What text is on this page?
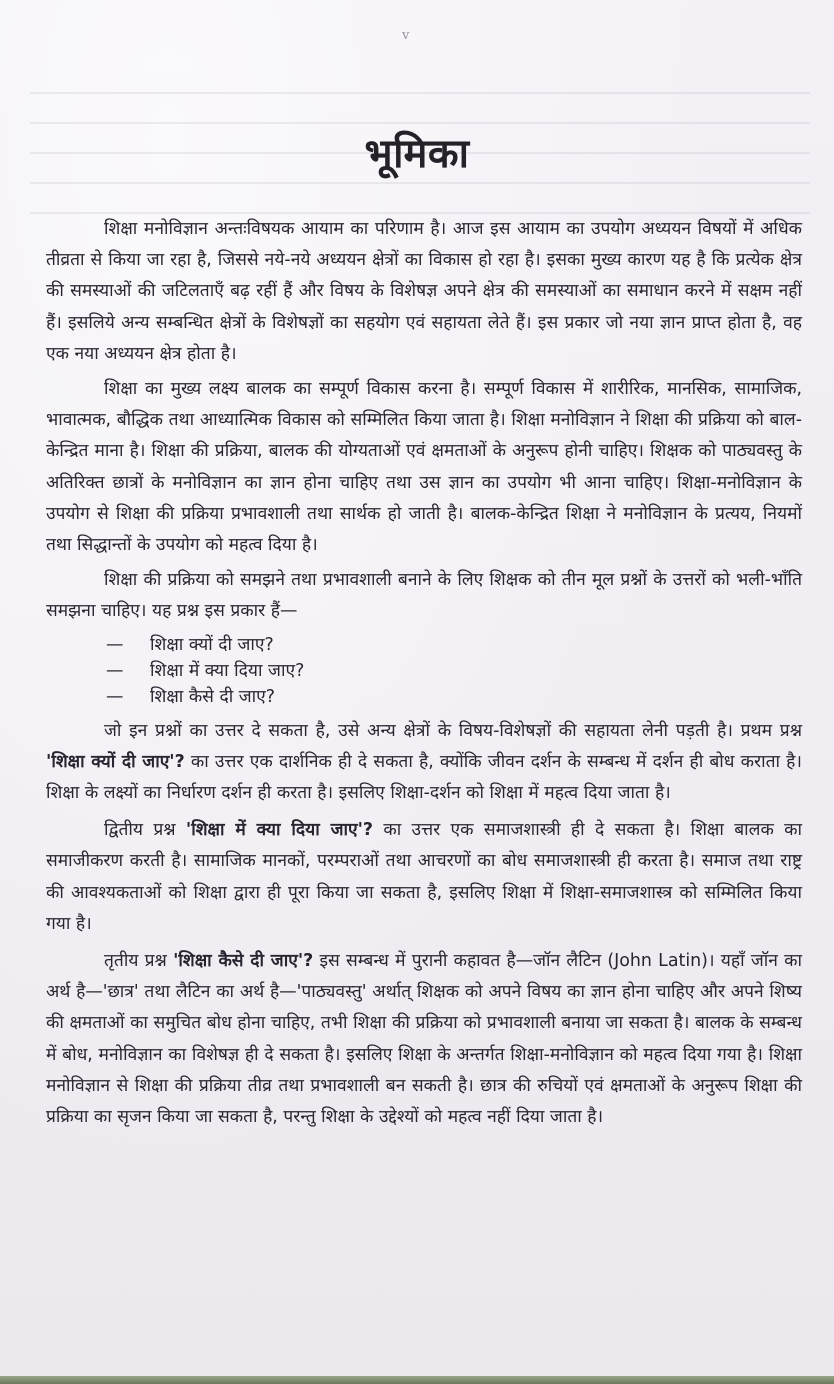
v
भूमिका

शिक्षा मनोविज्ञान अन्तःविषयक आयाम का परिणाम है। आज इस आयाम का उपयोग अध्ययन विषयों में अधिक तीव्रता से किया जा रहा है, जिससे नये-नये अध्ययन क्षेत्रों का विकास हो रहा है। इसका मुख्य कारण यह है कि प्रत्येक क्षेत्र की समस्याओं की जटिलताएँ बढ़ रहीं हैं और विषय के विशेषज्ञ अपने क्षेत्र की समस्याओं का समाधान करने में सक्षम नहीं हैं। इसलिये अन्य सम्बन्धित क्षेत्रों के विशेषज्ञों का सहयोग एवं सहायता लेते हैं। इस प्रकार जो नया ज्ञान प्राप्त होता है, वह एक नया अध्ययन क्षेत्र होता है।

शिक्षा का मुख्य लक्ष्य बालक का सम्पूर्ण विकास करना है। सम्पूर्ण विकास में शारीरिक, मानसिक, सामाजिक, भावात्मक, बौद्धिक तथा आध्यात्मिक विकास को सम्मिलित किया जाता है। शिक्षा मनोविज्ञान ने शिक्षा की प्रक्रिया को बाल-केन्द्रित माना है। शिक्षा की प्रक्रिया, बालक की योग्यताओं एवं क्षमताओं के अनुरूप होनी चाहिए। शिक्षक को पाठ्यवस्तु के अतिरिक्त छात्रों के मनोविज्ञान का ज्ञान होना चाहिए तथा उस ज्ञान का उपयोग भी आना चाहिए। शिक्षा-मनोविज्ञान के उपयोग से शिक्षा की प्रक्रिया प्रभावशाली तथा सार्थक हो जाती है। बालक-केन्द्रित शिक्षा ने मनोविज्ञान के प्रत्यय, नियमों तथा सिद्धान्तों के उपयोग को महत्व दिया है।

शिक्षा की प्रक्रिया को समझने तथा प्रभावशाली बनाने के लिए शिक्षक को तीन मूल प्रश्नों के उत्तरों को भली-भाँति समझना चाहिए। यह प्रश्न इस प्रकार हैं—

— शिक्षा क्यों दी जाए?
— शिक्षा में क्या दिया जाए?
— शिक्षा कैसे दी जाए?

जो इन प्रश्नों का उत्तर दे सकता है, उसे अन्य क्षेत्रों के विषय-विशेषज्ञों की सहायता लेनी पड़ती है। प्रथम प्रश्न 'शिक्षा क्यों दी जाए'? का उत्तर एक दार्शनिक ही दे सकता है, क्योंकि जीवन दर्शन के सम्बन्ध में दर्शन ही बोध कराता है। शिक्षा के लक्ष्यों का निर्धारण दर्शन ही करता है। इसलिए शिक्षा-दर्शन को शिक्षा में महत्व दिया जाता है।

द्वितीय प्रश्न 'शिक्षा में क्या दिया जाए'? का उत्तर एक समाजशास्त्री ही दे सकता है। शिक्षा बालक का समाजीकरण करती है। सामाजिक मानकों, परम्पराओं तथा आचरणों का बोध समाजशास्त्री ही करता है। समाज तथा राष्ट्र की आवश्यकताओं को शिक्षा द्वारा ही पूरा किया जा सकता है, इसलिए शिक्षा में शिक्षा-समाजशास्त्र को सम्मिलित किया गया है।

तृतीय प्रश्न 'शिक्षा कैसे दी जाए'? इस सम्बन्ध में पुरानी कहावत है—जॉन लैटिन (John Latin)। यहाँ जॉन का अर्थ है—'छात्र' तथा लैटिन का अर्थ है—'पाठ्यवस्तु' अर्थात् शिक्षक को अपने विषय का ज्ञान होना चाहिए और अपने शिष्य की क्षमताओं का समुचित बोध होना चाहिए, तभी शिक्षा की प्रक्रिया को प्रभावशाली बनाया जा सकता है। बालक के सम्बन्ध में बोध, मनोविज्ञान का विशेषज्ञ ही दे सकता है। इसलिए शिक्षा के अन्तर्गत शिक्षा-मनोविज्ञान को महत्व दिया गया है। शिक्षा मनोविज्ञान से शिक्षा की प्रक्रिया तीव्र तथा प्रभावशाली बन सकती है। छात्र की रुचियों एवं क्षमताओं के अनुरूप शिक्षा की प्रक्रिया का सृजन किया जा सकता है, परन्तु शिक्षा के उद्देश्यों को महत्व नहीं दिया जाता है।
